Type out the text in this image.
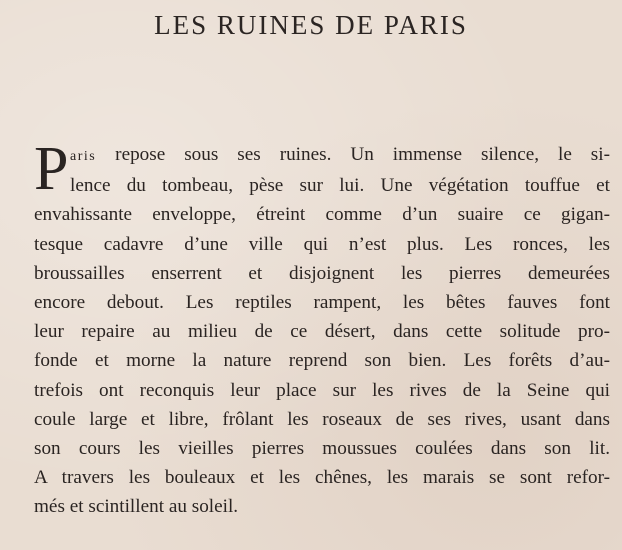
LES RUINES DE PARIS
P aris repose sous ses ruines. Un immense silence, le si-
lence du tombeau, pèse sur lui. Une végétation touffue et
envahissante enveloppe, étreint comme d’un suaire ce gigan-
tesque cadavre d’une ville qui n’est plus. Les ronces, les
broussailles enserrent et disjoignent les pierres demeurées
encore debout. Les reptiles rampent, les bêtes fauves font
leur repaire au milieu de ce désert, dans cette solitude pro-
fonde et morne la nature reprend son bien. Les forêts d’au-
trefois ont reconquis leur place sur les rives de la Seine qui
coule large et libre, frôlant les roseaux de ses rives, usant dans
son cours les vieilles pierres moussues coulées dans son lit.
A travers les bouleaux et les chênes, les marais se sont refor-
més et scintillent au soleil.
